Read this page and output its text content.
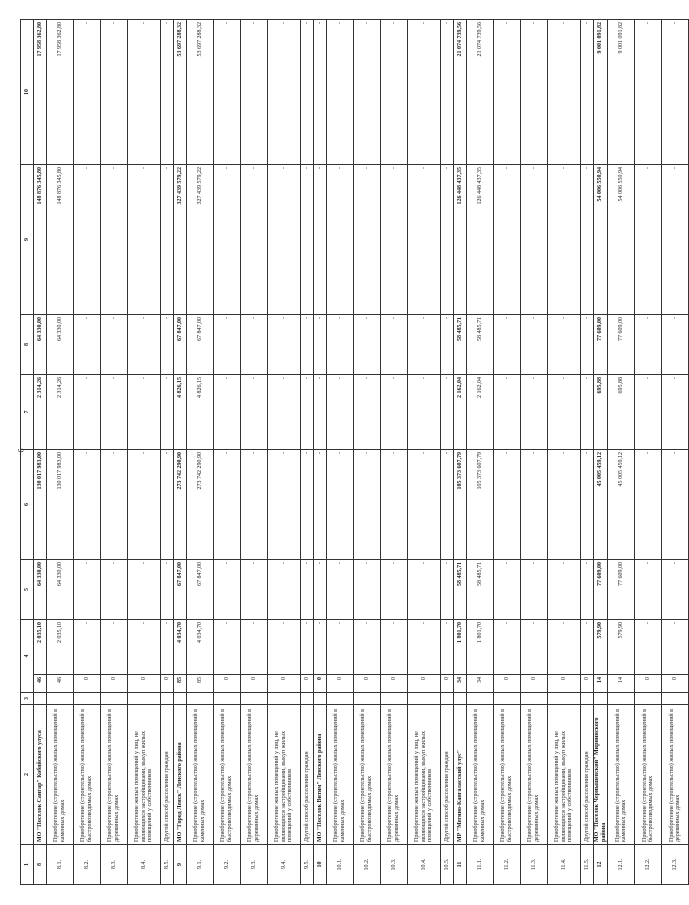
6
1	2	3	4		5	6	7	8	9	10
8	МО "Поселок Сангар" Кобяйского улуса		46	2 035,10	64 330,00	130 017 983,00	2 314,26	64 330,00	148 876 345,80	17 958 362,80
8.1.	Приобретение (строительство) жилых помещений в каменных домах		46	2 035,10	64 330,00	130 017 983,00	2 314,26	64 330,00	148 876 345,80	17 958 362,80
8.2.	Приобретение (строительство) жилых помещений в быстровозводимых домах		0	-	-	-	-	-	-	-
8.3.	Приобретение (строительство) жилых помещений в деревянных домах		0	-	-	-	-	-	-	-
8.4.	Приобретение жилых помещений у лиц, не являющихся застройщиками, выкуп жилых помещений у собственников		0	-	-	-	-	-	-	-
8.5.	Другой способ расселения граждан		0	-	-	-	-	-	-	-
9	МО "Город Ленск" Ленского района		85	4 034,70	67 847,00	273 742 290,90	4 826,15	67 847,00	327 439 579,22	53 697 288,32
9.1.	Приобретение (строительство) жилых помещений в каменных домах		85	4 034,70	67 847,00	273 742 290,90	4 826,15	67 847,00	327 439 579,22	53 697 288,32
9.2.	Приобретение (строительство) жилых помещений в быстровозводимых домах		0	-	-	-	-	-	-	-
9.3.	Приобретение (строительство) жилых помещений в деревянных домах		0	-	-	-	-	-	-	-
9.4.	Приобретение жилых помещений у лиц, не являющихся застройщиками, выкуп жилых помещений у собственников		0	-	-	-	-	-	-	-
9.5.	Другой способ расселения граждан		0	-	-	-	-	-	-	-
10	МО "Поселок Витим" Ленского района		0	-	-	-	-	-	-	-
10.1.	Приобретение (строительство) жилых помещений в каменных домах		0	-	-	-	-	-	-	-
10.2.	Приобретение (строительство) жилых помещений в быстровозводимых домах		0	-	-	-	-	-	-	-
10.3.	Приобретение (строительство) жилых помещений в деревянных домах		0	-	-	-	-	-	-	-
10.4.	Приобретение жилых помещений у лиц, не являющихся застройщиками, выкуп жилых помещений у собственников		0	-	-	-	-	-	-	-
10.5.	Другой способ расселения граждан		0	-	-	-	-	-	-	-
11	МР "Мегино-Кангаласский улус"		34	1 801,70	58 485,71	105 373 607,79	2 162,04	58 485,71	126 448 437,35	21 074 739,56
11.1.	Приобретение (строительство) жилых помещений в каменных домах		34	1 801,70	58 485,71	105 373 607,79	2 162,04	58 485,71	126 448 437,35	21 074 739,56
11.2.	Приобретение (строительство) жилых помещений в быстровозводимых домах		0	-	-	-	-	-	-	-
11.3.	Приобретение (строительство) жилых помещений в деревянных домах		0	-	-	-	-	-	-	-
11.4.	Приобретение жилых помещений у лиц, не являющихся застройщиками, выкуп жилых помещений у собственников		0	-	-	-	-	-	-	-
11.5.	Другой способ расселения граждан		0	-	-	-	-	-	-	-
12	МО "Поселок Чернышевский" Мирнинского района		14	579,90	77 609,00	45 005 459,12	695,88	77 609,00	54 006 550,94	9 001 091,82
12.1.	Приобретение (строительство) жилых помещений в каменных домах		14	579,90	77 609,00	45 005 459,12	695,88	77 609,00	54 006 550,94	9 001 091,82
12.2.	Приобретение (строительство) жилых помещений в быстровозводимых домах		0	-	-	-	-	-	-	-
12.3.	Приобретение (строительство) жилых помещений в деревянных домах		0	-	-	-	-	-	-	-
